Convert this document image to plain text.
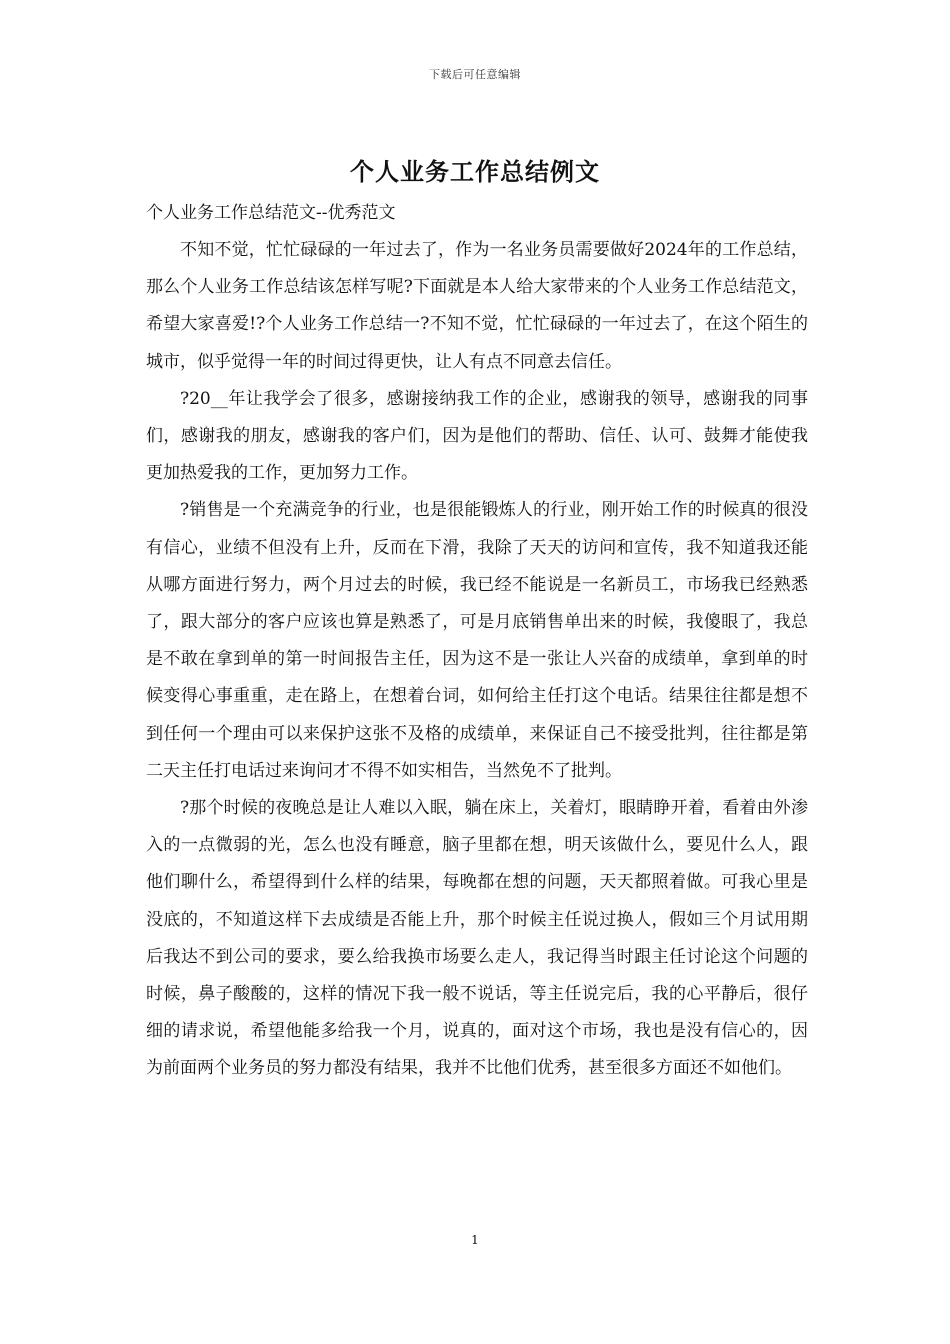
下载后可任意编辑
个人业务工作总结例文
个人业务工作总结范文--优秀范文

不知不觉，忙忙碌碌的一年过去了，作为一名业务员需要做好2024年的工作总结，那么个人业务工作总结该怎样写呢?下面就是本人给大家带来的个人业务工作总结范文，希望大家喜爱!?个人业务工作总结一?不知不觉，忙忙碌碌的一年过去了，在这个陌生的城市，似乎觉得一年的时间过得更快，让人有点不同意去信任。

?20__年让我学会了很多，感谢接纳我工作的企业，感谢我的领导，感谢我的同事们，感谢我的朋友，感谢我的客户们，因为是他们的帮助、信任、认可、鼓舞才能使我更加热爱我的工作，更加努力工作。

?销售是一个充满竞争的行业，也是很能锻炼人的行业，刚开始工作的时候真的很没有信心，业绩不但没有上升，反而在下滑，我除了天天的访问和宣传，我不知道我还能从哪方面进行努力，两个月过去的时候，我已经不能说是一名新员工，市场我已经熟悉了，跟大部分的客户应该也算是熟悉了，可是月底销售单出来的时候，我傻眼了，我总是不敢在拿到单的第一时间报告主任，因为这不是一张让人兴奋的成绩单，拿到单的时候变得心事重重，走在路上，在想着台词，如何给主任打这个电话。结果往往都是想不到任何一个理由可以来保护这张不及格的成绩单，来保证自己不接受批判，往往都是第二天主任打电话过来询问才不得不如实相告，当然免不了批判。

?那个时候的夜晚总是让人难以入眠，躺在床上，关着灯，眼睛睁开着，看着由外渗入的一点微弱的光，怎么也没有睡意，脑子里都在想，明天该做什么，要见什么人，跟他们聊什么，希望得到什么样的结果，每晚都在想的问题，天天都照着做。可我心里是没底的，不知道这样下去成绩是否能上升，那个时候主任说过换人，假如三个月试用期后我达不到公司的要求，要么给我换市场要么走人，我记得当时跟主任讨论这个问题的时候，鼻子酸酸的，这样的情况下我一般不说话，等主任说完后，我的心平静后，很仔细的请求说，希望他能多给我一个月，说真的，面对这个市场，我也是没有信心的，因为前面两个业务员的努力都没有结果，我并不比他们优秀，甚至很多方面还不如他们。

1
